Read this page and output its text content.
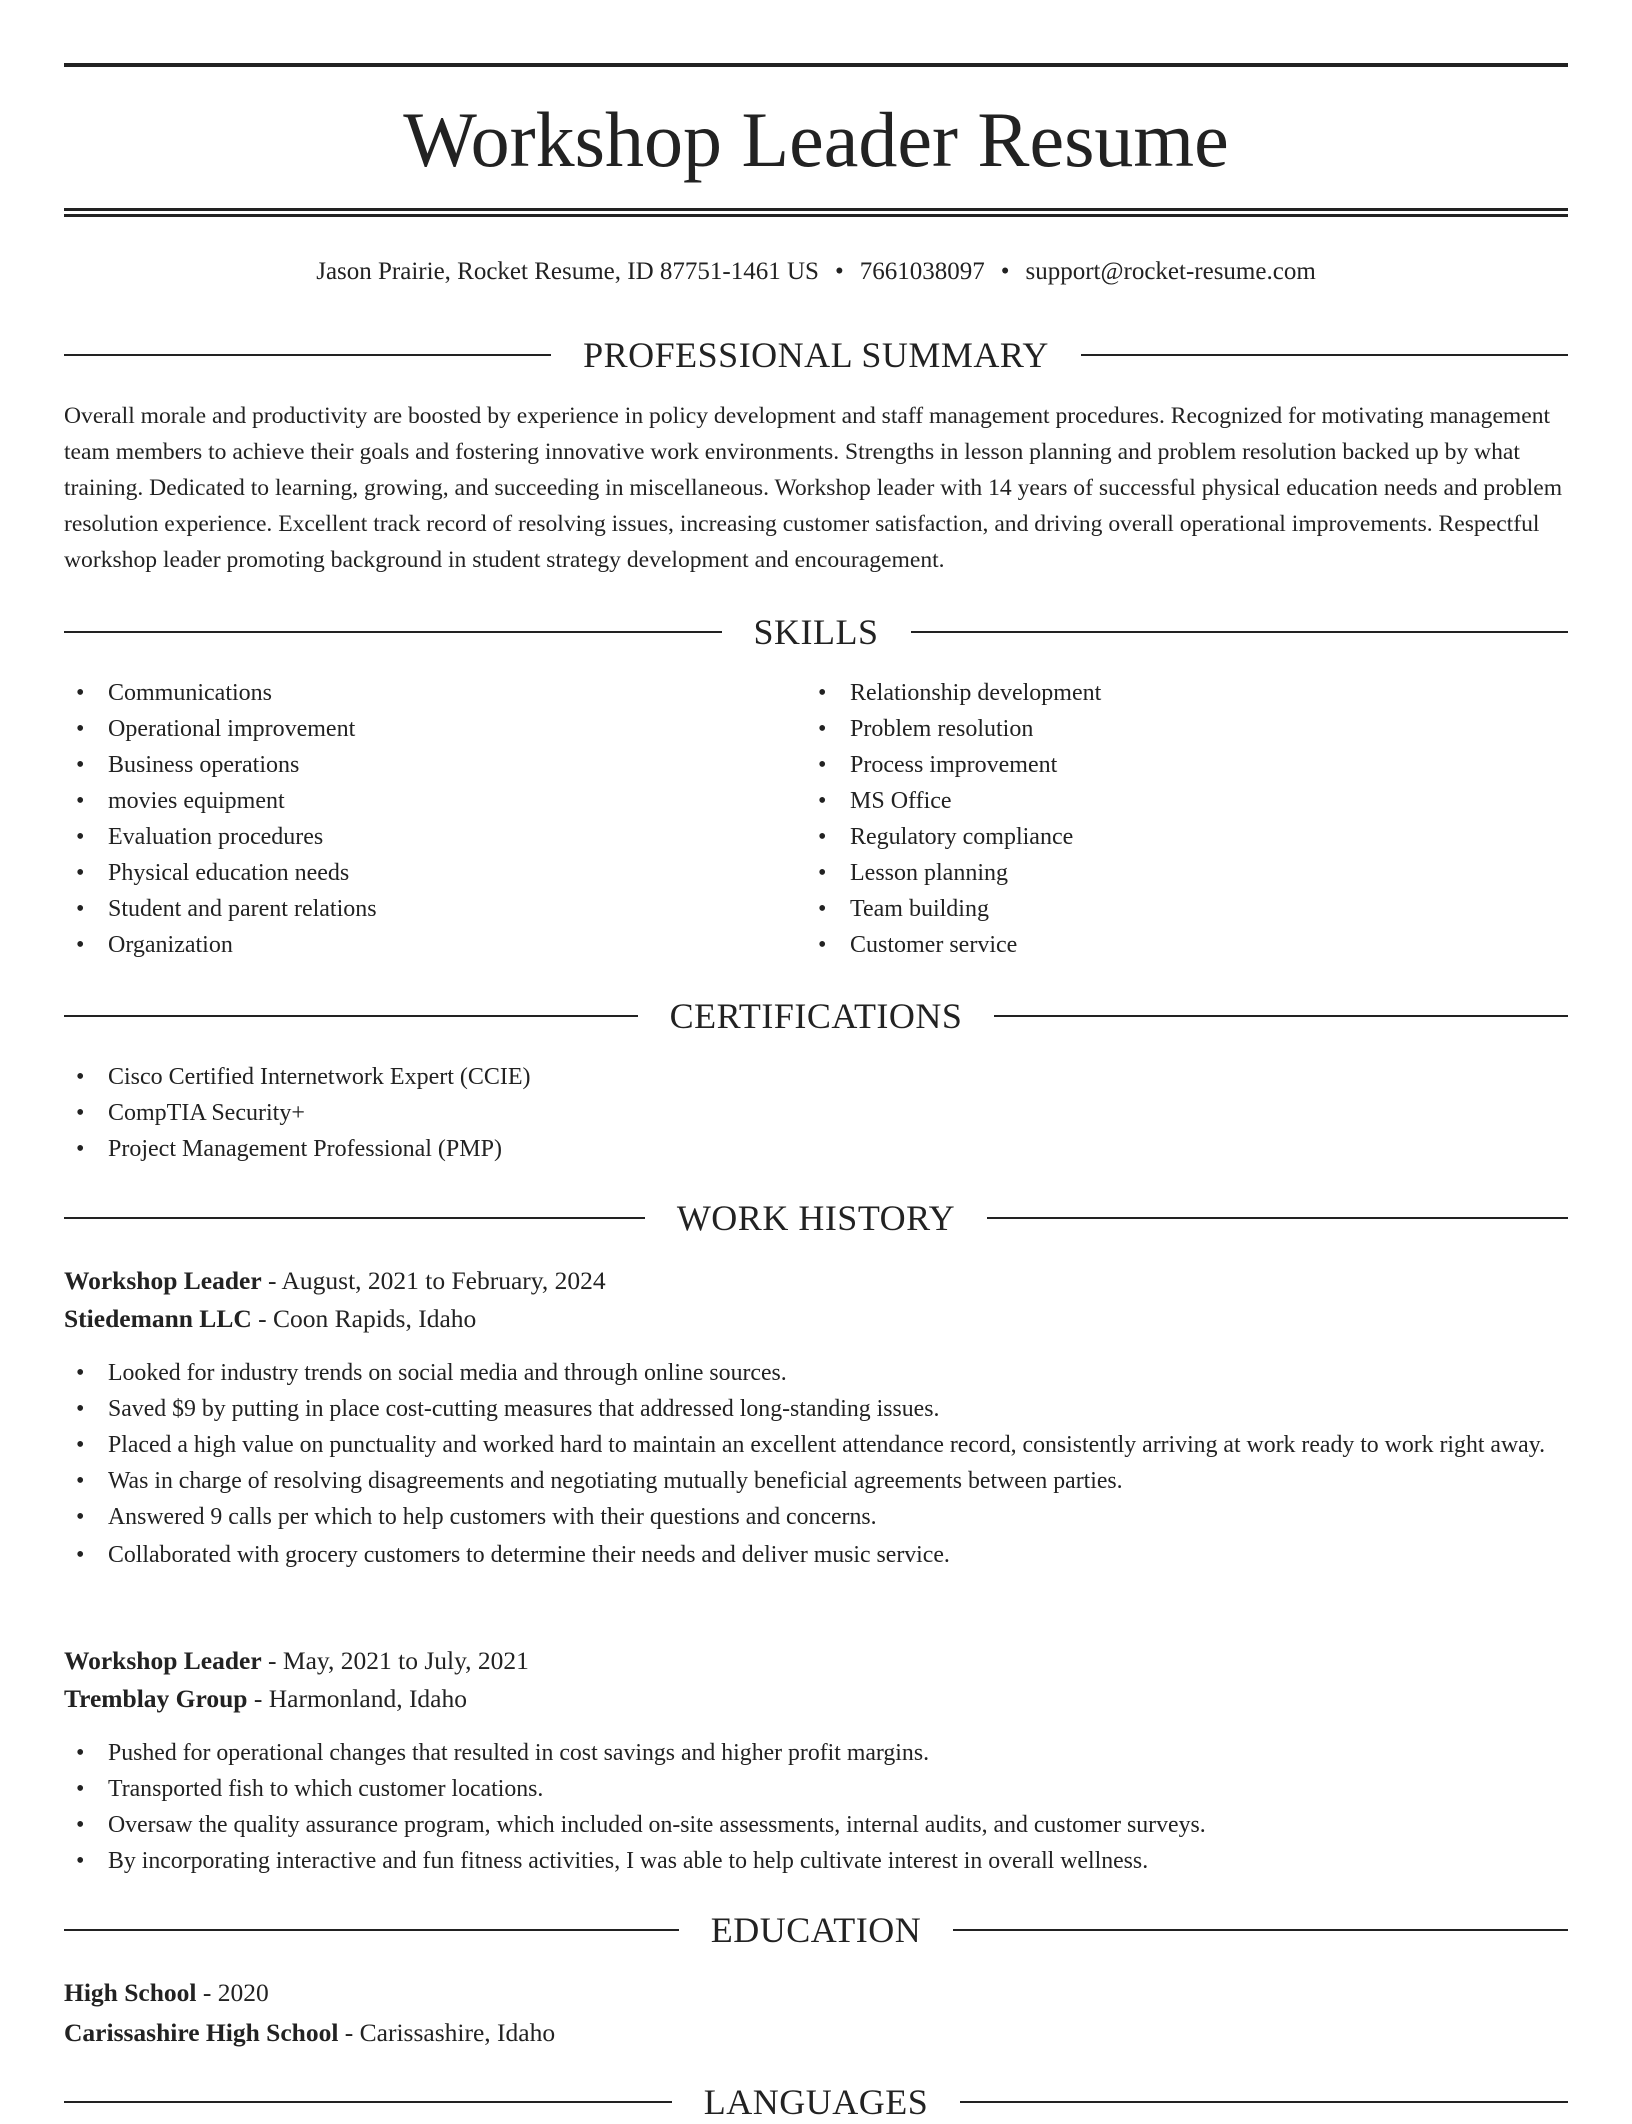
Workshop Leader Resume
Jason Prairie, Rocket Resume, ID 87751-1461 US • 7661038097 • support@rocket-resume.com
PROFESSIONAL SUMMARY

Overall morale and productivity are boosted by experience in policy development and staff management procedures. Recognized for motivating management team members to achieve their goals and fostering innovative work environments. Strengths in lesson planning and problem resolution backed up by what training. Dedicated to learning, growing, and succeeding in miscellaneous. Workshop leader with 14 years of successful physical education needs and problem resolution experience. Excellent track record of resolving issues, increasing customer satisfaction, and driving overall operational improvements. Respectful workshop leader promoting background in student strategy development and encouragement.

SKILLS
• Communications
• Operational improvement
• Business operations
• movies equipment
• Evaluation procedures
• Physical education needs
• Student and parent relations
• Organization
• Relationship development
• Problem resolution
• Process improvement
• MS Office
• Regulatory compliance
• Lesson planning
• Team building
• Customer service
CERTIFICATIONS
• Cisco Certified Internetwork Expert (CCIE)
• CompTIA Security+
• Project Management Professional (PMP)
WORK HISTORY
Workshop Leader - August, 2021 to February, 2024
Stiedemann LLC - Coon Rapids, Idaho
• Looked for industry trends on social media and through online sources.
• Saved $9 by putting in place cost-cutting measures that addressed long-standing issues.
• Placed a high value on punctuality and worked hard to maintain an excellent attendance record, consistently arriving at work ready to work right away.
• Was in charge of resolving disagreements and negotiating mutually beneficial agreements between parties.
• Answered 9 calls per which to help customers with their questions and concerns.
• Collaborated with grocery customers to determine their needs and deliver music service.
Workshop Leader - May, 2021 to July, 2021
Tremblay Group - Harmonland, Idaho
• Pushed for operational changes that resulted in cost savings and higher profit margins.
• Transported fish to which customer locations.
• Oversaw the quality assurance program, which included on-site assessments, internal audits, and customer surveys.
• By incorporating interactive and fun fitness activities, I was able to help cultivate interest in overall wellness.
EDUCATION
High School - 2020
Carissashire High School - Carissashire, Idaho
LANGUAGES
